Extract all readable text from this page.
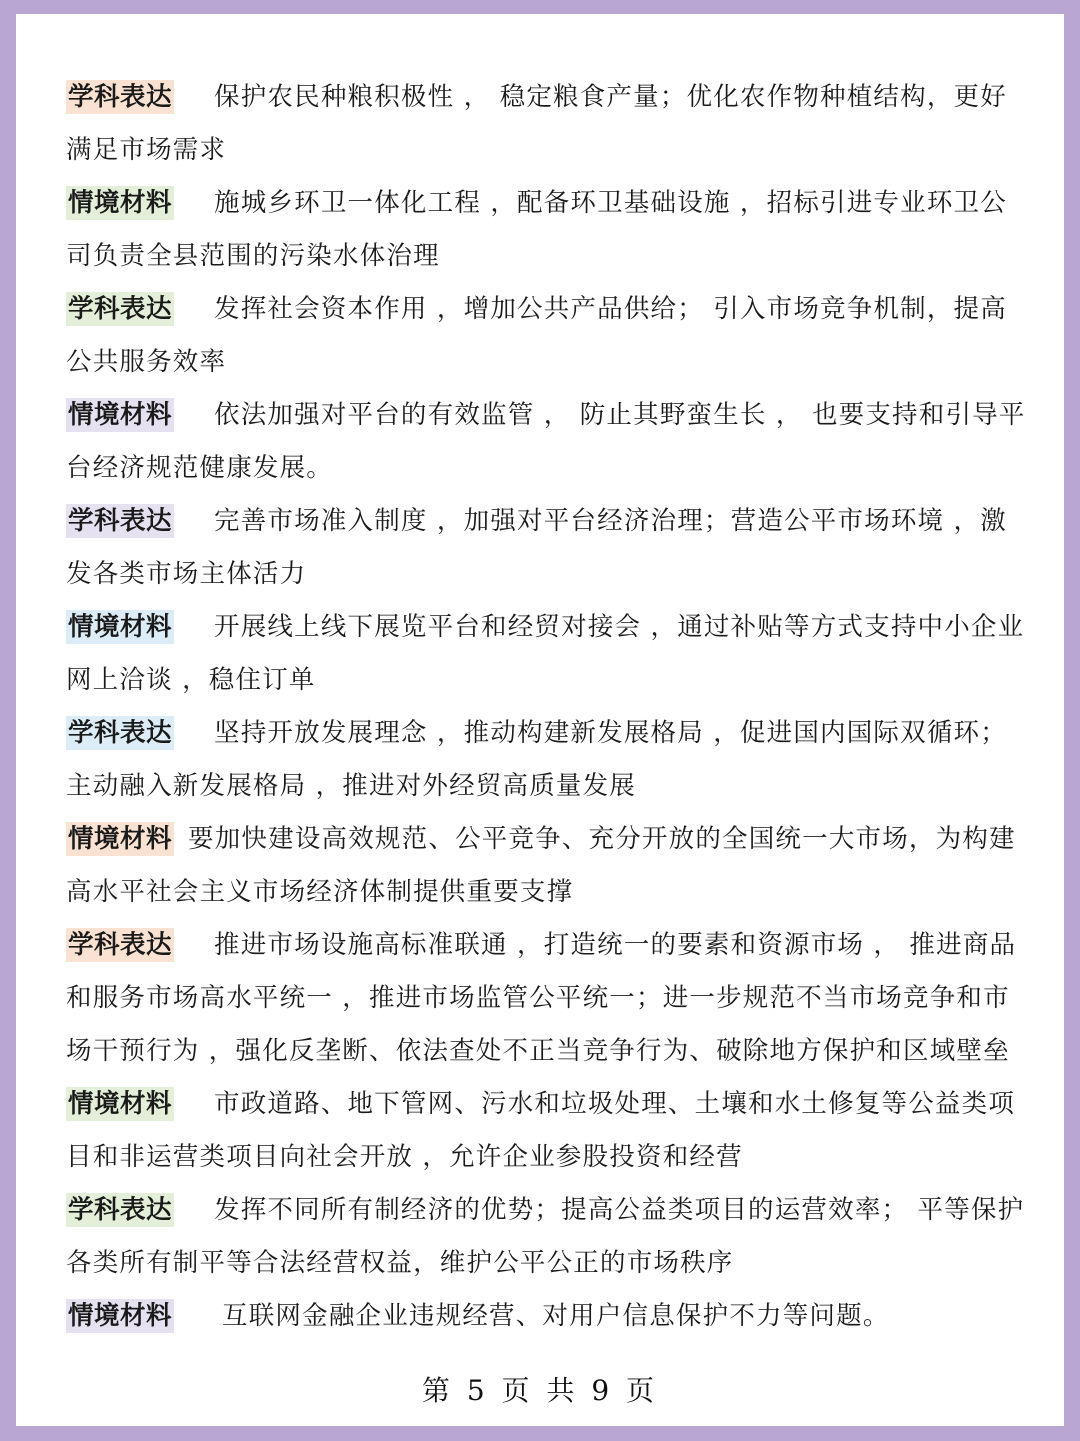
学科表达 保护农民种粮积极性 ， 稳定粮食产量；优化农作物种植结构，更好满足市场需求
情境材料 施城乡环卫一体化工程 ，配备环卫基础设施 ，招标引进专业环卫公司负责全县范围的污染水体治理
学科表达 发挥社会资本作用 ，增加公共产品供给； 引入市场竞争机制，提高公共服务效率
情境材料 依法加强对平台的有效监管 ， 防止其野蛮生长 ， 也要支持和引导平台经济规范健康发展。
学科表达 完善市场准入制度 ，加强对平台经济治理；营造公平市场环境 ，激发各类市场主体活力
情境材料 开展线上线下展览平台和经贸对接会 ，通过补贴等方式支持中小企业网上洽谈 ，稳住订单
学科表达 坚持开放发展理念 ，推动构建新发展格局 ，促进国内国际双循环； 主动融入新发展格局 ，推进对外经贸高质量发展
情境材料 要加快建设高效规范、公平竞争、充分开放的全国统一大市场，为构建高水平社会主义市场经济体制提供重要支撑
学科表达 推进市场设施高标准联通 ，打造统一的要素和资源市场 ， 推进商品和服务市场高水平统一 ，推进市场监管公平统一；进一步规范不当市场竞争和市场干预行为 ，强化反垄断、依法查处不正当竞争行为、破除地方保护和区域壁垒
情境材料 市政道路、地下管网、污水和垃圾处理、土壤和水土修复等公益类项目和非运营类项目向社会开放 ，允许企业参股投资和经营
学科表达 发挥不同所有制经济的优势；提高公益类项目的运营效率； 平等保护各类所有制平等合法经营权益，维护公平公正的市场秩序
情境材料 互联网金融企业违规经营、对用户信息保护不力等问题。
第 5 页 共 9 页
